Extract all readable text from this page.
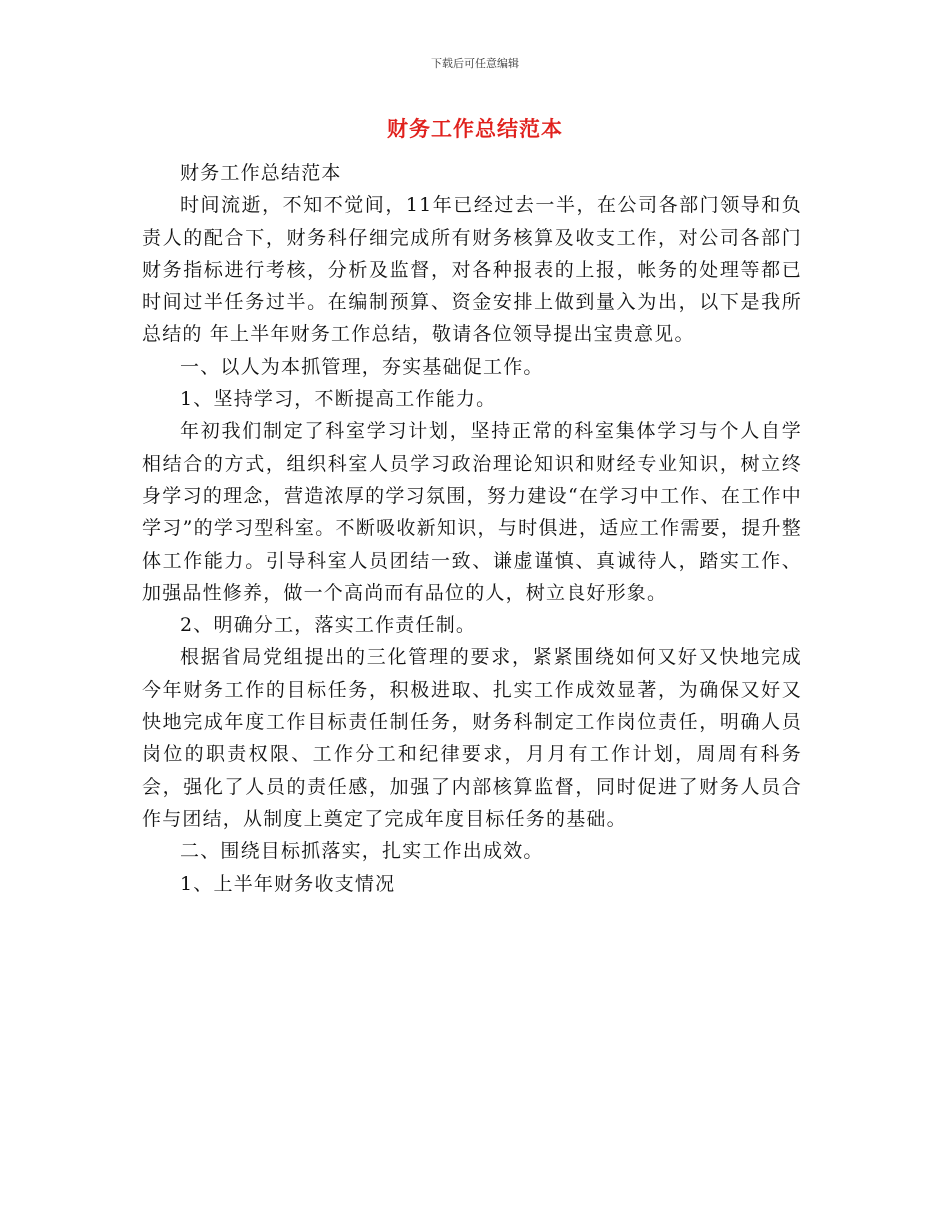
下载后可任意编辑
财务工作总结范本

财务工作总结范本

时间流逝，不知不觉间，11年已经过去一半，在公司各部门领导和负责人的配合下，财务科仔细完成所有财务核算及收支工作，对公司各部门财务指标进行考核，分析及监督，对各种报表的上报，帐务的处理等都已时间过半任务过半。在编制预算、资金安排上做到量入为出，以下是我所总结的 年上半年财务工作总结，敬请各位领导提出宝贵意见。

一、以人为本抓管理，夯实基础促工作。

1、坚持学习，不断提高工作能力。

年初我们制定了科室学习计划，坚持正常的科室集体学习与个人自学相结合的方式，组织科室人员学习政治理论知识和财经专业知识，树立终身学习的理念，营造浓厚的学习氛围，努力建设“在学习中工作、在工作中学习”的学习型科室。不断吸收新知识，与时俱进，适应工作需要，提升整体工作能力。引导科室人员团结一致、谦虚谨慎、真诚待人，踏实工作、加强品性修养，做一个高尚而有品位的人，树立良好形象。

2、明确分工，落实工作责任制。

根据省局党组提出的三化管理的要求，紧紧围绕如何又好又快地完成今年财务工作的目标任务，积极进取、扎实工作成效显著，为确保又好又快地完成年度工作目标责任制任务，财务科制定工作岗位责任，明确人员岗位的职责权限、工作分工和纪律要求，月月有工作计划，周周有科务会，强化了人员的责任感，加强了内部核算监督，同时促进了财务人员合作与团结，从制度上奠定了完成年度目标任务的基础。

二、围绕目标抓落实，扎实工作出成效。

1、上半年财务收支情况
